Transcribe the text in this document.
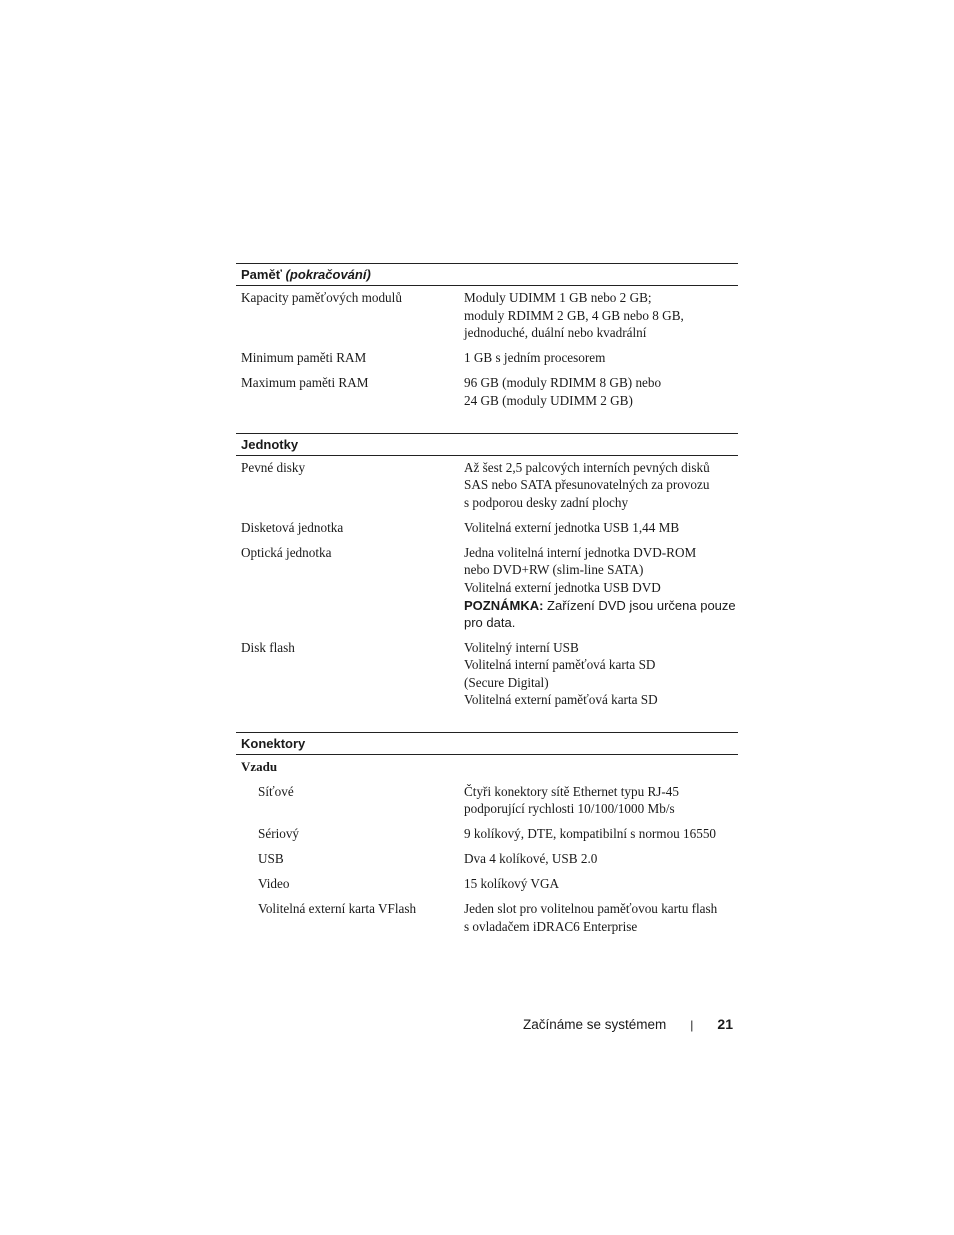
Paměť (pokračování)
Kapacity paměťových modulů	Moduly UDIMM 1 GB nebo 2 GB;
moduly RDIMM 2 GB, 4 GB nebo 8 GB,
jednoduché, duální nebo kvadrální
Minimum paměti RAM	1 GB s jedním procesorem
Maximum paměti RAM	96 GB (moduly RDIMM 8 GB) nebo
24 GB (moduly UDIMM 2 GB)
Jednotky
Pevné disky	Až šest 2,5 palcových interních pevných disků
SAS nebo SATA přesunovatelných za provozu
s podporou desky zadní plochy
Disketová jednotka	Volitelná externí jednotka USB 1,44 MB
Optická jednotka	Jedna volitelná interní jednotka DVD-ROM
nebo DVD+RW (slim-line SATA)
Volitelná externí jednotka USB DVD
POZNÁMKA: Zařízení DVD jsou určena pouze pro data.
Disk flash	Volitelný interní USB
Volitelná interní paměťová karta SD
(Secure Digital)
Volitelná externí paměťová karta SD
Konektory
Vzadu
Síťové	Čtyři konektory sítě Ethernet typu RJ-45
podporující rychlosti 10/100/1000 Mb/s
Sériový	9 kolíkový, DTE, kompatibilní s normou 16550
USB	Dva 4 kolíkové, USB 2.0
Video	15 kolíkový VGA
Volitelná externí karta VFlash	Jeden slot pro volitelnou paměťovou kartu flash
s ovladačem iDRAC6 Enterprise
Začínáme se systémem | 21
